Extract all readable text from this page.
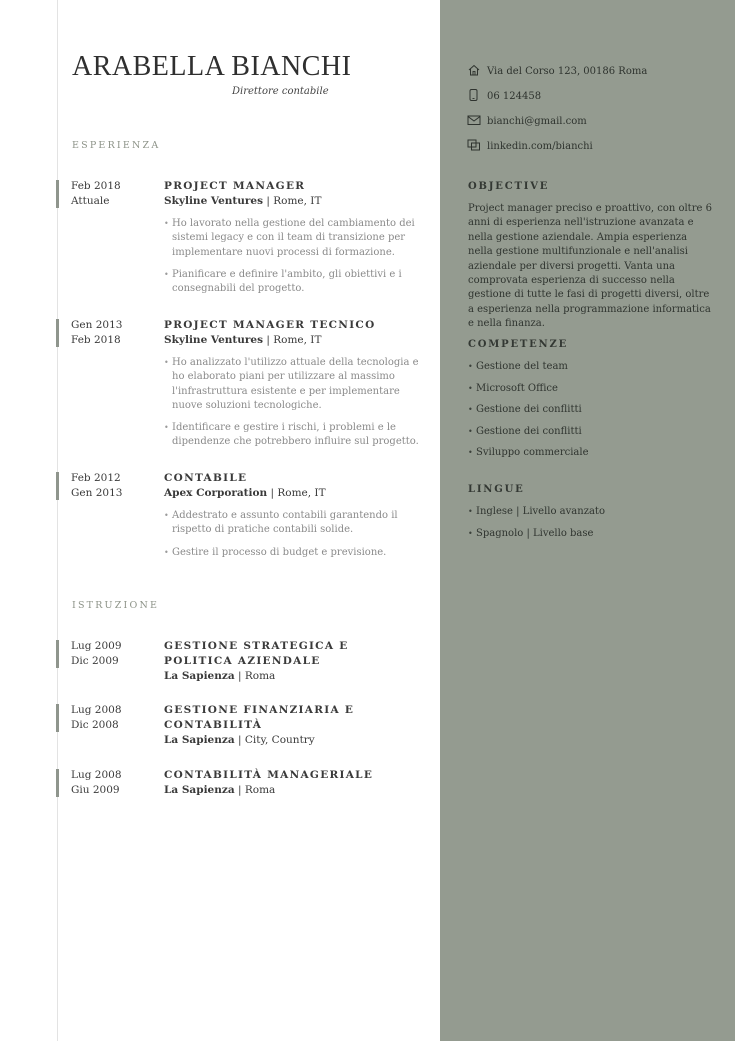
ARABELLA BIANCHI
Direttore contabile
ESPERIENZA
Feb 2018
Attuale
PROJECT MANAGER
Skyline Ventures | Rome, IT
• Ho lavorato nella gestione del cambiamento dei sistemi legacy e con il team di transizione per implementare nuovi processi di formazione.
• Pianificare e definire l'ambito, gli obiettivi e i consegnabili del progetto.
Gen 2013
Feb 2018
PROJECT MANAGER TECNICO
Skyline Ventures | Rome, IT
• Ho analizzato l'utilizzo attuale della tecnologia e ho elaborato piani per utilizzare al massimo l'infrastruttura esistente e per implementare nuove soluzioni tecnologiche.
• Identificare e gestire i rischi, i problemi e le dipendenze che potrebbero influire sul progetto.
Feb 2012
Gen 2013
CONTABILE
Apex Corporation | Rome, IT
• Addestrato e assunto contabili garantendo il rispetto di pratiche contabili solide.
• Gestire il processo di budget e previsione.
ISTRUZIONE
Lug 2009
Dic 2009
GESTIONE STRATEGICA E POLITICA AZIENDALE
La Sapienza | Roma
Lug 2008
Dic 2008
GESTIONE FINANZIARIA E CONTABILITÀ
La Sapienza | City, Country
Lug 2008
Giu 2009
CONTABILITÀ MANAGERIALE
La Sapienza | Roma
Via del Corso 123, 00186 Roma
06 124458
bianchi@gmail.com
linkedin.com/bianchi
OBJECTIVE
Project manager preciso e proattivo, con oltre 6 anni di esperienza nell'istruzione avanzata e nella gestione aziendale. Ampia esperienza nella gestione multifunzionale e nell'analisi aziendale per diversi progetti. Vanta una comprovata esperienza di successo nella gestione di tutte le fasi di progetti diversi, oltre a esperienza nella programmazione informatica e nella finanza.
COMPETENZE
• Gestione del team
• Microsoft Office
• Gestione dei conflitti
• Gestione dei conflitti
• Sviluppo commerciale
LINGUE
• Inglese | Livello avanzato
• Spagnolo | Livello base
